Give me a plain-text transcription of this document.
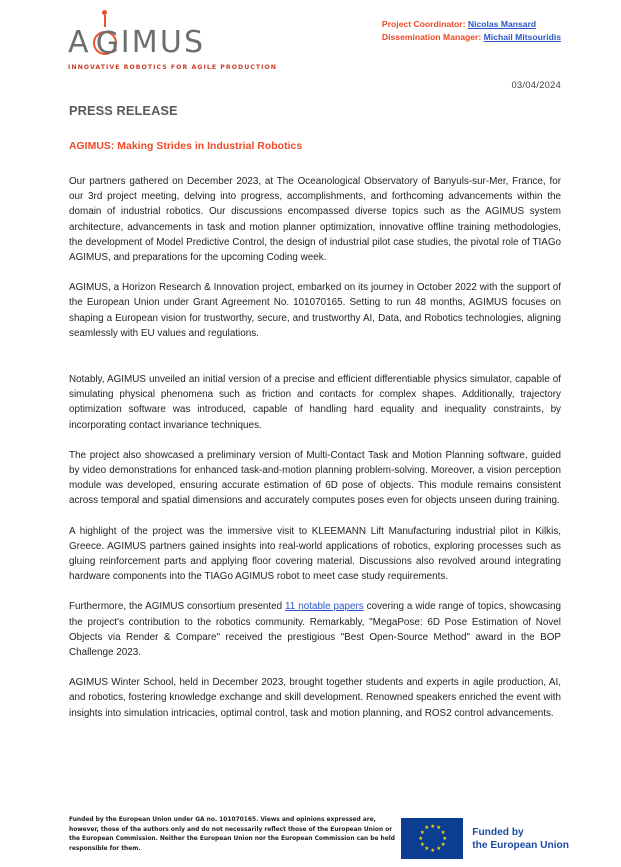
A G IMUS
INNOVATIVE ROBOTICS FOR AGILE PRODUCTION
Project Coordinator: Nicolas Mansard
Dissemination Manager: Michail Mitsouridis
03/04/2024
PRESS RELEASE
AGIMUS: Making Strides in Industrial Robotics

Our partners gathered on December 2023, at The Oceanological Observatory of Banyuls-sur-Mer, France, for our 3rd project meeting, delving into progress, accomplishments, and forthcoming advancements within the domain of industrial robotics. Our discussions encompassed diverse topics such as the AGIMUS system architecture, advancements in task and motion planner optimization, innovative offline training methodologies, the development of Model Predictive Control, the design of industrial pilot case studies, the pivotal role of TIAGo AGIMUS, and preparations for the upcoming Coding week.

AGIMUS, a Horizon Research & Innovation project, embarked on its journey in October 2022 with the support of the European Union under Grant Agreement No. 101070165. Setting to run 48 months, AGIMUS focuses on shaping a European vision for trustworthy, secure, and trustworthy AI, Data, and Robotics technologies, aligning seamlessly with EU values and regulations.

Notably, AGIMUS unveiled an initial version of a precise and efficient differentiable physics simulator, capable of simulating physical phenomena such as friction and contacts for complex shapes. Additionally, trajectory optimization software was introduced, capable of handling hard equality and inequality constraints, by incorporating contact invariance techniques.

The project also showcased a preliminary version of Multi-Contact Task and Motion Planning software, guided by video demonstrations for enhanced task-and-motion planning problem-solving. Moreover, a vision perception module was developed, ensuring accurate estimation of 6D pose of objects. This module remains consistent across temporal and spatial dimensions and accurately computes poses even for objects unseen during training.

A highlight of the project was the immersive visit to KLEEMANN Lift Manufacturing industrial pilot in Kilkis, Greece. AGIMUS partners gained insights into real-world applications of robotics, exploring processes such as gluing reinforcement parts and applying floor covering material. Discussions also revolved around integrating hardware components into the TIAGo AGIMUS robot to meet case study requirements.

Furthermore, the AGIMUS consortium presented 11 notable papers covering a wide range of topics, showcasing the project's contribution to the robotics community. Remarkably, "MegaPose: 6D Pose Estimation of Novel Objects via Render & Compare" received the prestigious "Best Open-Source Method" award in the BOP Challenge 2023.

AGIMUS Winter School, held in December 2023, brought together students and experts in agile production, AI, and robotics, fostering knowledge exchange and skill development. Renowned speakers enriched the event with insights into simulation intricacies, optimal control, task and motion planning, and ROS2 control advancements.

Funded by the European Union under GA no. 101070165. Views and opinions expressed are, however, those of the authors only and do not necessarily reflect those of the European Union or the European Commission. Neither the European Union nor the European Commission can be held responsible for them.
★ ★
★
★
★
★
★
★
★
★
★
★	Funded by
the European Union
